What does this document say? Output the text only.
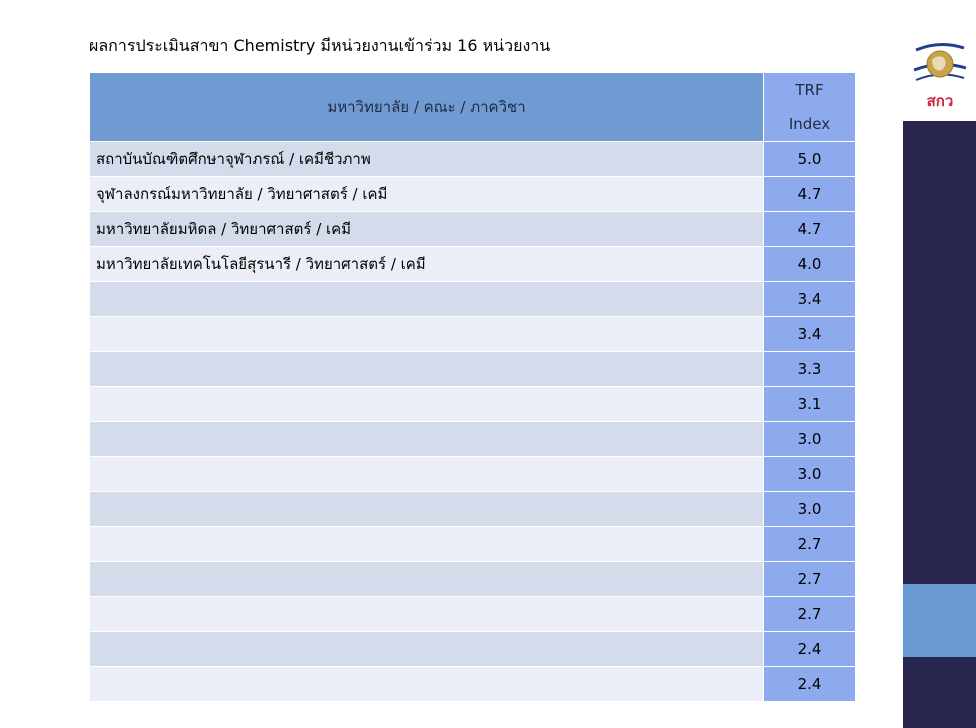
ผลการประเมินสาขา Chemistry มีหน่วยงานเข้าร่วม 16 หน่วยงาน
มหาวิทยาลัย / คณะ / ภาควิชา	TRF
Index

สถาบันบัณฑิตศึกษาจุฬาภรณ์ / เคมีชีวภาพ	5.0
จุฬาลงกรณ์มหาวิทยาลัย / วิทยาศาสตร์ / เคมี	4.7
มหาวิทยาลัยมหิดล / วิทยาศาสตร์ / เคมี	4.7
มหาวิทยาลัยเทคโนโลยีสุรนารี / วิทยาศาสตร์ / เคมี	4.0
	3.4
	3.4
	3.3
	3.1
	3.0
	3.0
	3.0
	2.7
	2.7
	2.7
	2.4
	2.4
สกว
